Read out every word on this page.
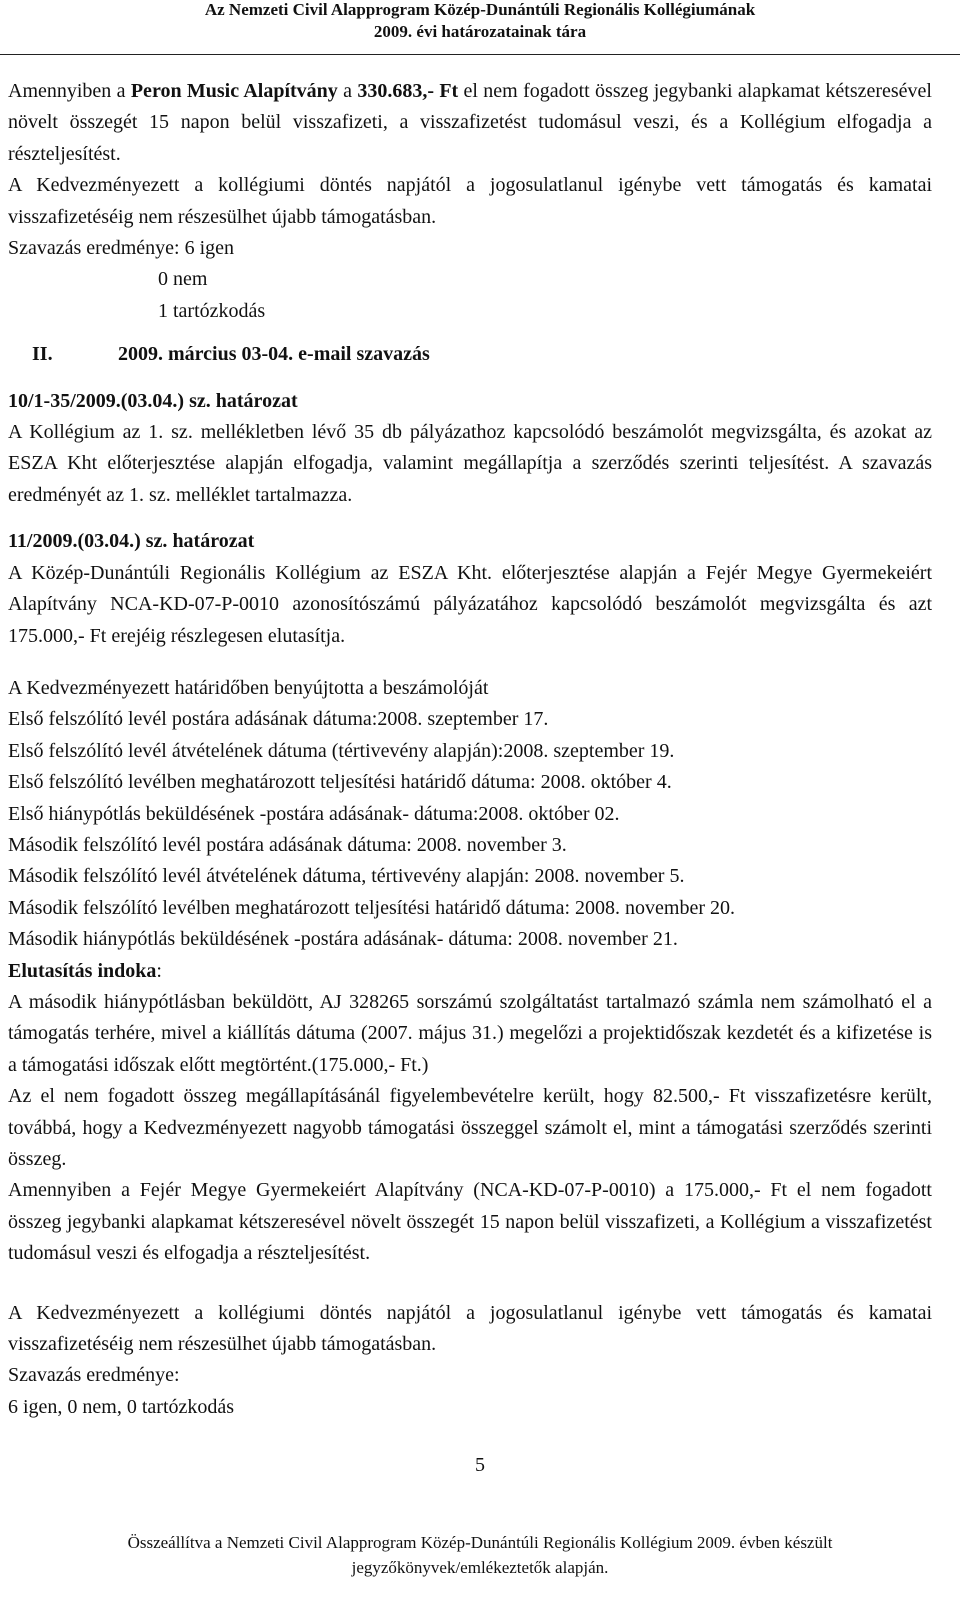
Az Nemzeti Civil Alapprogram Közép-Dunántúli Regionális Kollégiumának
2009. évi határozatainak tára

Amennyiben a Peron Music Alapítvány a 330.683,- Ft el nem fogadott összeg jegybanki alapkamat kétszeresével növelt összegét 15 napon belül visszafizeti, a visszafizetést tudomásul veszi, és a Kollégium elfogadja a részteljesítést.

A Kedvezményezett a kollégiumi döntés napjától a jogosulatlanul igénybe vett támogatás és kamatai visszafizetéséig nem részesülhet újabb támogatásban.

Szavazás eredménye: 6 igen

0 nem

1 tartózkodás

II.	2009. március 03-04. e-mail szavazás

10/1-35/2009.(03.04.) sz. határozat

A Kollégium az 1. sz. mellékletben lévő 35 db pályázathoz kapcsolódó beszámolót megvizsgálta, és azokat az ESZA Kht előterjesztése alapján elfogadja, valamint megállapítja a szerződés szerinti teljesítést. A szavazás eredményét az 1. sz. melléklet tartalmazza.

11/2009.(03.04.) sz. határozat

A Közép-Dunántúli Regionális Kollégium az ESZA Kht. előterjesztése alapján a Fejér Megye Gyermekeiért Alapítvány NCA-KD-07-P-0010 azonosítószámú pályázatához kapcsolódó beszámolót megvizsgálta és azt 175.000,- Ft erejéig részlegesen elutasítja.

A Kedvezményezett határidőben benyújtotta a beszámolóját

Első felszólító levél postára adásának dátuma:2008. szeptember 17.

Első felszólító levél átvételének dátuma (tértivevény alapján):2008. szeptember 19.

Első felszólító levélben meghatározott teljesítési határidő dátuma: 2008. október 4.

Első hiánypótlás beküldésének -postára adásának- dátuma:2008. október 02.

Második felszólító levél postára adásának dátuma: 2008. november 3.

Második felszólító levél átvételének dátuma, tértivevény alapján: 2008. november 5.

Második felszólító levélben meghatározott teljesítési határidő dátuma: 2008. november 20.

Második hiánypótlás beküldésének -postára adásának- dátuma: 2008. november 21.

Elutasítás indoka:

A második hiánypótlásban beküldött, AJ 328265 sorszámú szolgáltatást tartalmazó számla nem számolható el a támogatás terhére, mivel a kiállítás dátuma (2007. május 31.) megelőzi a projektidőszak kezdetét és a kifizetése is a támogatási időszak előtt megtörtént.(175.000,- Ft.)

Az el nem fogadott összeg megállapításánál figyelembevételre került, hogy 82.500,- Ft visszafizetésre került, továbbá, hogy a Kedvezményezett nagyobb támogatási összeggel számolt el, mint a támogatási szerződés szerinti összeg.

Amennyiben a Fejér Megye Gyermekeiért Alapítvány (NCA-KD-07-P-0010) a 175.000,- Ft el nem fogadott összeg jegybanki alapkamat kétszeresével növelt összegét 15 napon belül visszafizeti, a Kollégium a visszafizetést tudomásul veszi és elfogadja a részteljesítést.

A Kedvezményezett a kollégiumi döntés napjától a jogosulatlanul igénybe vett támogatás és kamatai visszafizetéséig nem részesülhet újabb támogatásban.

Szavazás eredménye:

6 igen, 0 nem, 0 tartózkodás

5
Összeállítva a Nemzeti Civil Alapprogram Közép-Dunántúli Regionális Kollégium 2009. évben készült
jegyzőkönyvek/emlékeztetők alapján.
